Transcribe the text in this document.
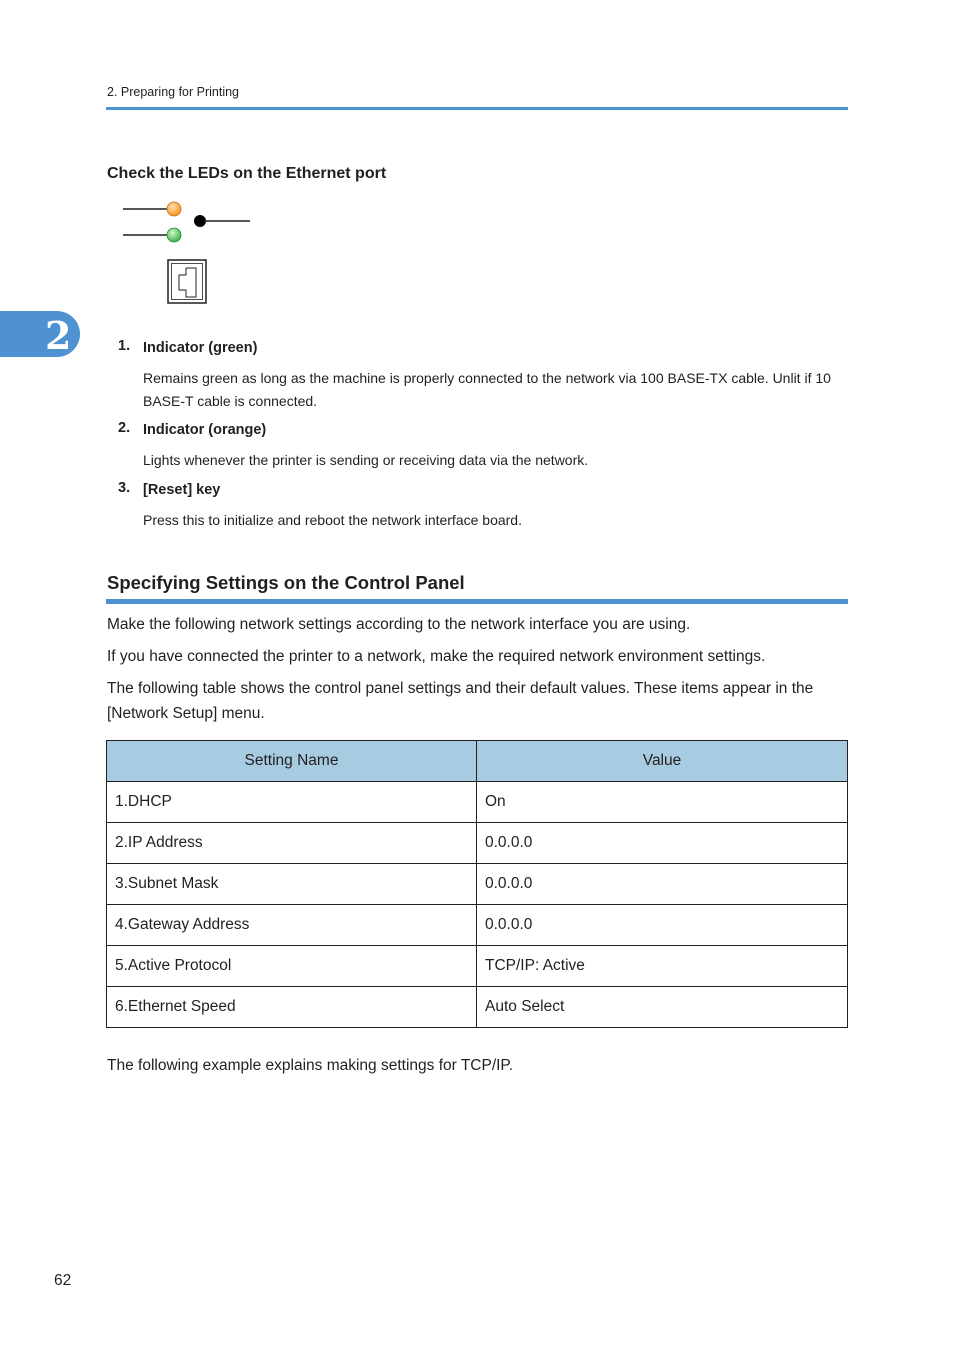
2. Preparing for Printing
2
Check the LEDs on the Ethernet port
1. Indicator (green)
Remains green as long as the machine is properly connected to the network via 100 BASE-TX cable. Unlit if 10 BASE-T cable is connected.
2. Indicator (orange)
Lights whenever the printer is sending or receiving data via the network.
3. [Reset] key
Press this to initialize and reboot the network interface board.
Specifying Settings on the Control Panel
Make the following network settings according to the network interface you are using.
If you have connected the printer to a network, make the required network environment settings.
The following table shows the control panel settings and their default values. These items appear in the [Network Setup] menu.
Setting Name	Value
1.DHCP	On
2.IP Address	0.0.0.0
3.Subnet Mask	0.0.0.0
4.Gateway Address	0.0.0.0
5.Active Protocol	TCP/IP: Active
6.Ethernet Speed	Auto Select
The following example explains making settings for TCP/IP.
62
